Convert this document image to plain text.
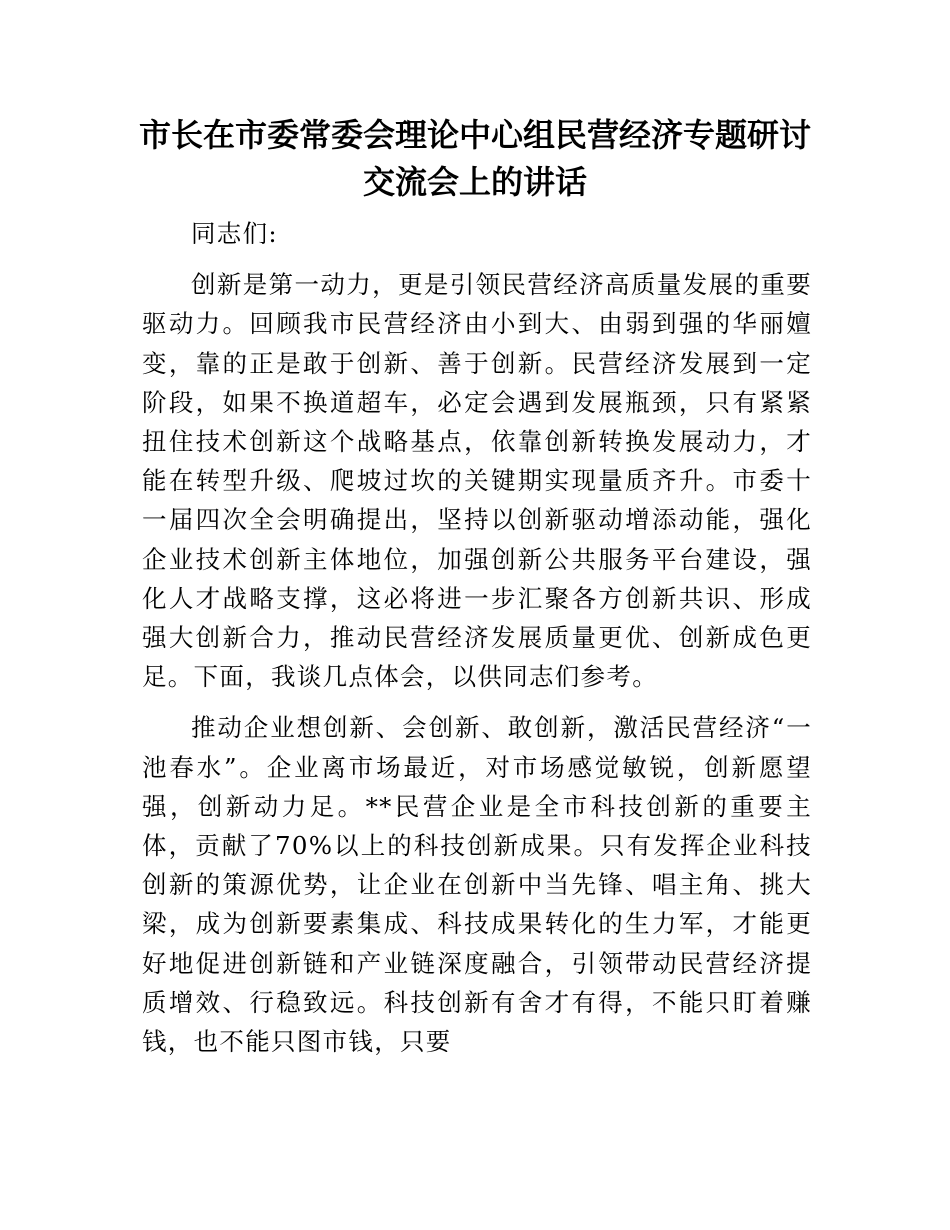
市长在市委常委会理论中心组民营经济专题研讨交流会上的讲话

同志们:

创新是第一动力，更是引领民营经济高质量发展的重要驱动力。回顾我市民营经济由小到大、由弱到强的华丽嬗变，靠的正是敢于创新、善于创新。民营经济发展到一定阶段，如果不换道超车，必定会遇到发展瓶颈，只有紧紧扭住技术创新这个战略基点，依靠创新转换发展动力，才能在转型升级、爬坡过坎的关键期实现量质齐升。市委十一届四次全会明确提出，坚持以创新驱动增添动能，强化企业技术创新主体地位，加强创新公共服务平台建设，强化人才战略支撑，这必将进一步汇聚各方创新共识、形成强大创新合力，推动民营经济发展质量更优、创新成色更足。下面，我谈几点体会，以供同志们参考。

推动企业想创新、会创新、敢创新，激活民营经济“一池春水”。企业离市场最近，对市场感觉敏锐，创新愿望强，创新动力足。**民营企业是全市科技创新的重要主体，贡献了70%以上的科技创新成果。只有发挥企业科技创新的策源优势，让企业在创新中当先锋、唱主角、挑大梁，成为创新要素集成、科技成果转化的生力军，才能更好地促进创新链和产业链深度融合，引领带动民营经济提质增效、行稳致远。科技创新有舍才有得，不能只盯着赚钱，也不能只图市钱，只要
